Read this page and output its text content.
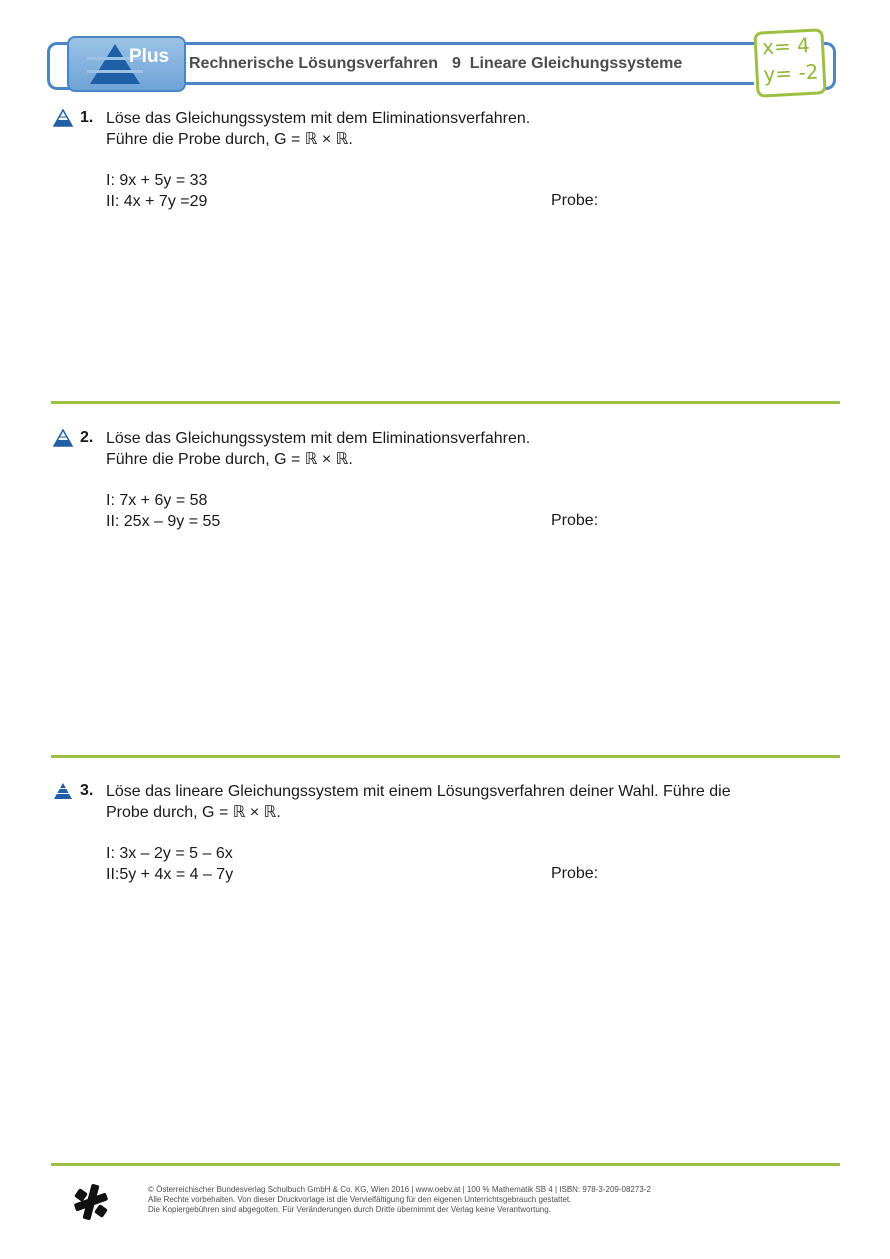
Plus Rechnerische Lösungsverfahren 9 Lineare Gleichungssysteme
x= 4
y= -2
1. Löse das Gleichungssystem mit dem Eliminationsverfahren.
Führe die Probe durch, G = ℝ × ℝ.
I: 9x + 5y = 33
II: 4x + 7y =29	Probe:
2. Löse das Gleichungssystem mit dem Eliminationsverfahren.
Führe die Probe durch, G = ℝ × ℝ.
I: 7x + 6y = 58
II: 25x – 9y = 55	Probe:
3. Löse das lineare Gleichungssystem mit einem Lösungsverfahren deiner Wahl. Führe die
Probe durch, G = ℝ × ℝ.
I: 3x – 2y = 5 – 6x
II:5y + 4x = 4 – 7y	Probe:
© Österreichischer Bundesverlag Schulbuch GmbH & Co. KG, Wien 2016 | www.oebv.at | 100 % Mathematik SB 4 | ISBN: 978-3-209-08273-2
Alle Rechte vorbehalten. Von dieser Druckvorlage ist die Vervielfältigung für den eigenen Unterrichtsgebrauch gestattet.
Die Kopiergebühren sind abgegolten. Für Veränderungen durch Dritte übernimmt der Verlag keine Verantwortung.
